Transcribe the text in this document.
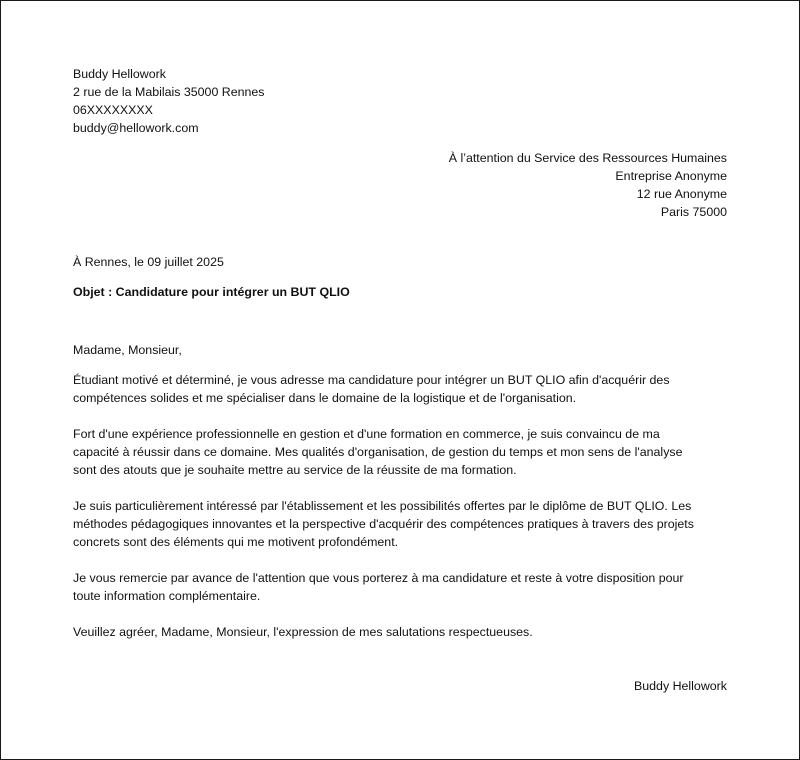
Buddy Hellowork
2 rue de la Mabilais 35000 Rennes
06XXXXXXXX
buddy@hellowork.com
À l’attention du Service des Ressources Humaines
Entreprise Anonyme
12 rue Anonyme
Paris 75000
À Rennes, le 09 juillet 2025
Objet : Candidature pour intégrer un BUT QLIO
Madame, Monsieur,
Étudiant motivé et déterminé, je vous adresse ma candidature pour intégrer un BUT QLIO afin d'acquérir des
compétences solides et me spécialiser dans le domaine de la logistique et de l'organisation.
Fort d'une expérience professionnelle en gestion et d'une formation en commerce, je suis convaincu de ma
capacité à réussir dans ce domaine. Mes qualités d'organisation, de gestion du temps et mon sens de l'analyse
sont des atouts que je souhaite mettre au service de la réussite de ma formation.
Je suis particulièrement intéressé par l'établissement et les possibilités offertes par le diplôme de BUT QLIO. Les
méthodes pédagogiques innovantes et la perspective d'acquérir des compétences pratiques à travers des projets
concrets sont des éléments qui me motivent profondément.
Je vous remercie par avance de l'attention que vous porterez à ma candidature et reste à votre disposition pour
toute information complémentaire.
Veuillez agréer, Madame, Monsieur, l'expression de mes salutations respectueuses.
Buddy Hellowork
